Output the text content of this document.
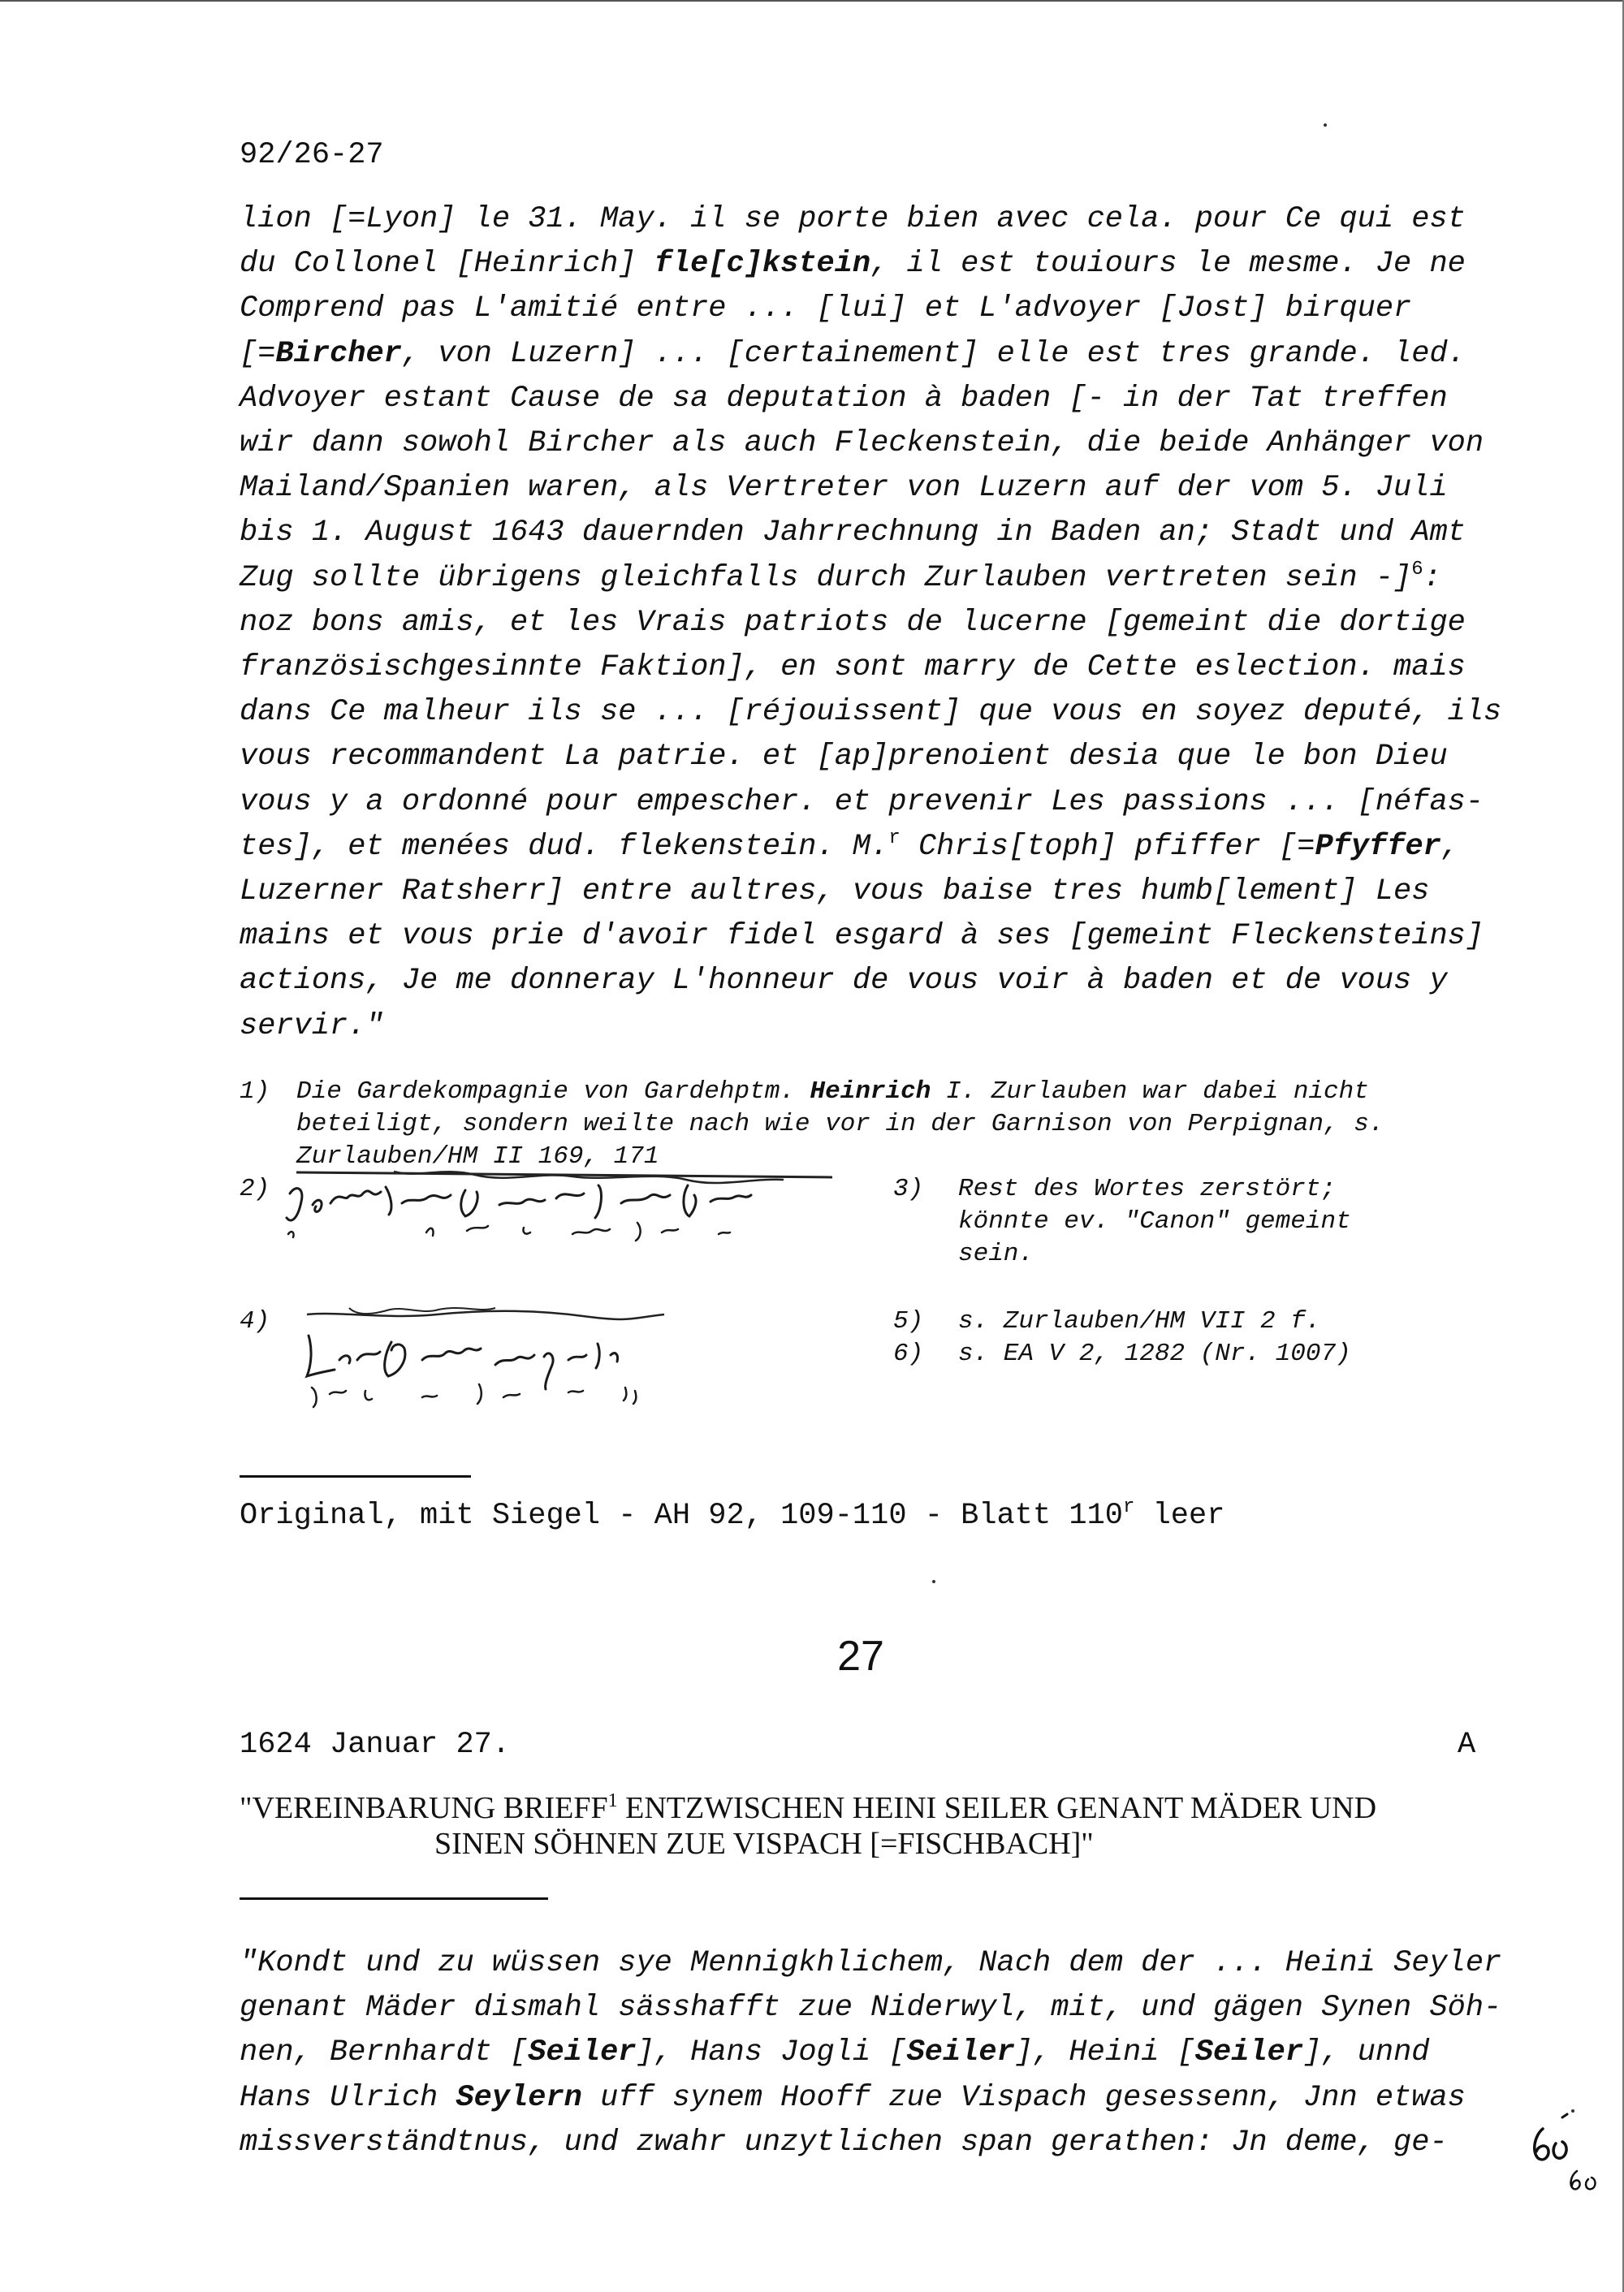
92/26-27
lion [=Lyon] le 31. May. il se porte bien avec cela. pour Ce qui est
du Collonel [Heinrich] fle[c]kstein, il est touiours le mesme. Je ne
Comprend pas L'amitié entre ... [lui] et L'advoyer [Jost] birquer
[=Bircher, von Luzern] ... [certainement] elle est tres grande. led.
Advoyer estant Cause de sa deputation à baden [- in der Tat treffen
wir dann sowohl Bircher als auch Fleckenstein, die beide Anhänger von
Mailand/Spanien waren, als Vertreter von Luzern auf der vom 5. Juli
bis 1. August 1643 dauernden Jahrrechnung in Baden an; Stadt und Amt
Zug sollte übrigens gleichfalls durch Zurlauben vertreten sein -]$^6$:
noz bons amis, et les Vrais patriots de lucerne [gemeint die dortige
französischgesinnte Faktion], en sont marry de Cette eslection. mais
dans Ce malheur ils se ... [réjouissent] que vous en soyez deputé, ils
vous recommandent La patrie. et [ap]prenoient desia que le bon Dieu
vous y a ordonné pour empescher. et prevenir Les passions ... [néfas-
tes], et menées dud. flekenstein. M.$^r$ Chris[toph] pfiffer [=Pfyffer,
Luzerner Ratsherr] entre aultres, vous baise tres humb[lement] Les
mains et vous prie d'avoir fidel esgard à ses [gemeint Fleckensteins]
actions, Je me donneray L'honneur de vous voir à baden et de vous y
servir."
1) Die Gardekompagnie von Gardehptm. Heinrich I. Zurlauben war dabei nicht
beteiligt, sondern weilte nach wie vor in der Garnison von Perpignan, s.
Zurlauben/HM II 169, 171
2)	3) Rest des Wortes zerstört;
könnte ev. "Canon" gemeint
sein.
4)	5) s. Zurlauben/HM VII 2 f.
6) s. EA V 2, 1282 (Nr. 1007)
Original, mit Siegel - AH 92, 109-110 - Blatt 110$^r$ leer
27
1624 Januar 27.	A
"VEREINBARUNG BRIEFF$^1$ ENTZWISCHEN HEINI SEILER GENANT MÄDER UND
SINEN SÖHNEN ZUE VISPACH [=FISCHBACH]"
"Kondt und zu wüssen sye Mennigkhlichem, Nach dem der ... Heini Seyler
genant Mäder dismahl sässhafft zue Niderwyl, mit, und gägen Synen Söh-
nen, Bernhardt [Seiler], Hans Jogli [Seiler], Heini [Seiler], unnd
Hans Ulrich Seylern uff synem Hooff zue Vispach gesessenn, Jnn etwas
missverständtnus, und zwahr unzytlichen span gerathen: Jn deme, ge-
60
